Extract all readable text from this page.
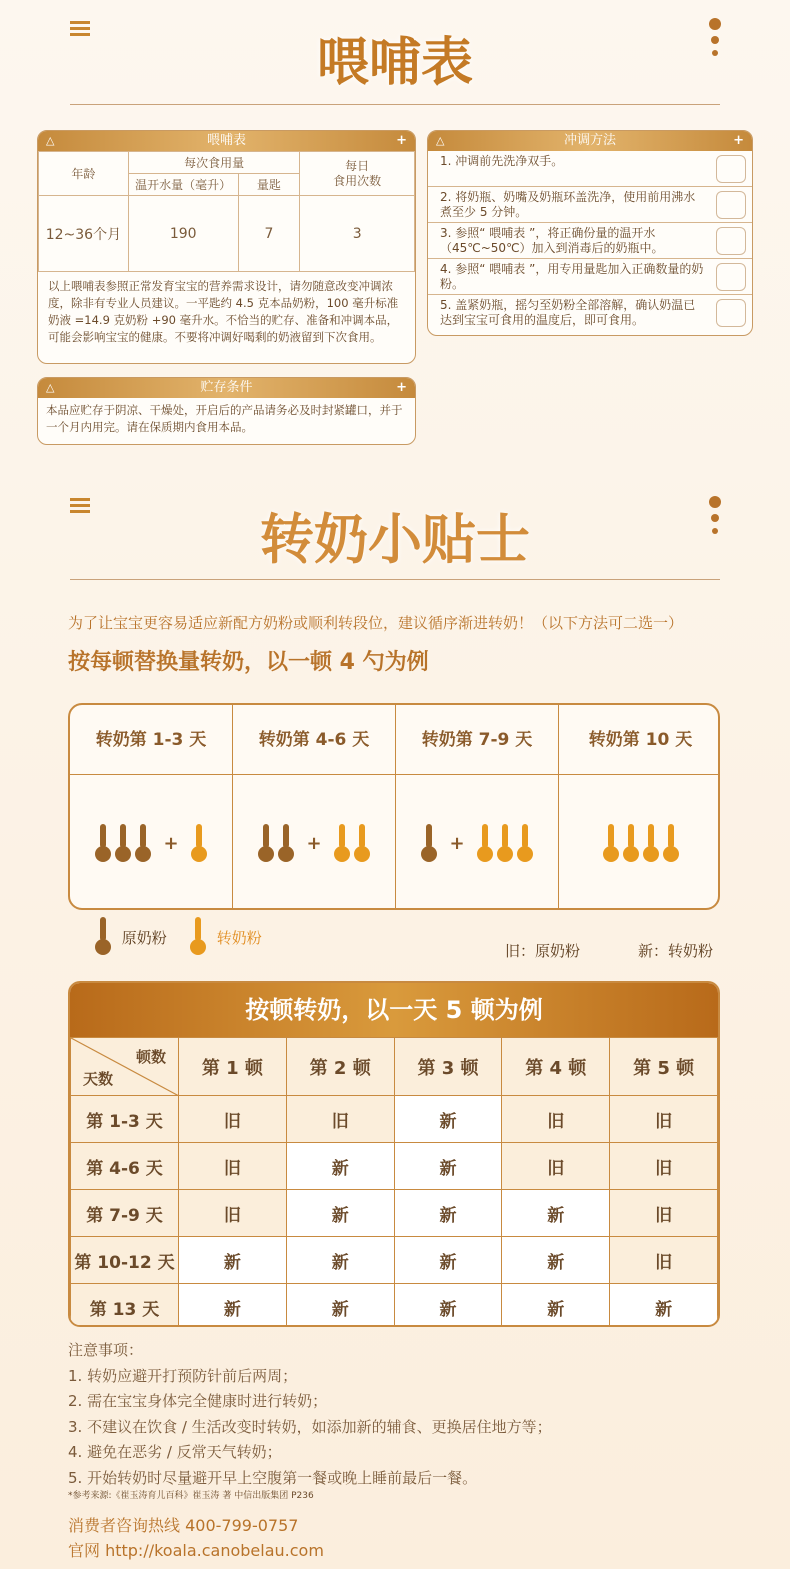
喂哺表
△	喂哺表	+
年龄	每次食用量		每日
食用次数
	温开水量（毫升）	量匙	
12~36个月	190	7	3
以上喂哺表参照正常发育宝宝的营养需求设计，请勿随意改变冲调浓度，除非有专业人员建议。一平匙约 4.5 克本品奶粉，100 毫升标准奶液 =14.9 克奶粉 +90 毫升水。不恰当的贮存、准备和冲调本品，可能会影响宝宝的健康。不要将冲调好喝剩的奶液留到下次食用。
△	冲调方法	+
1. 冲调前先洗净双手。
2. 将奶瓶、奶嘴及奶瓶环盖洗净，使用前用沸水煮至少 5 分钟。
3. 参照“ 喂哺表 ”，将正确份量的温开水（45℃~50℃）加入到消毒后的奶瓶中。
4. 参照“ 喂哺表 ”，用专用量匙加入正确数量的奶粉。
5. 盖紧奶瓶，摇匀至奶粉全部溶解，确认奶温已达到宝宝可食用的温度后，即可食用。
△	贮存条件	+
本品应贮存于阴凉、干燥处，开启后的产品请务必及时封紧罐口，并于一个月内用完。请在保质期内食用本品。
转奶小贴士
为了让宝宝更容易适应新配方奶粉或顺利转段位，建议循序渐进转奶！（以下方法可二选一）
按每顿替换量转奶，以一顿 4 勺为例
转奶第 1-3 天	转奶第 4-6 天	转奶第 7-9 天	转奶第 10 天
+	+	+
原奶粉	转奶粉
旧：原奶粉	新：转奶粉
按顿转奶，以一天 5 顿为例
顿数
天数	第 1 顿	第 2 顿	第 3 顿	第 4 顿	第 5 顿
第 1-3 天	旧	旧	新	旧	旧
第 4-6 天	旧	新	新	旧	旧
第 7-9 天	旧	新	新	新	旧
第 10-12 天	新	新	新	新	旧
第 13 天	新	新	新	新	新
注意事项：
1. 转奶应避开打预防针前后两周；
2. 需在宝宝身体完全健康时进行转奶；
3. 不建议在饮食 / 生活改变时转奶，如添加新的辅食、更换居住地方等；
4. 避免在恶劣 / 反常天气转奶；
5. 开始转奶时尽量避开早上空腹第一餐或晚上睡前最后一餐。
*参考来源:《崔玉涛育儿百科》崔玉涛 著 中信出版集团 P236
消费者咨询热线 400-799-0757
官网 http://koala.canobelau.com
